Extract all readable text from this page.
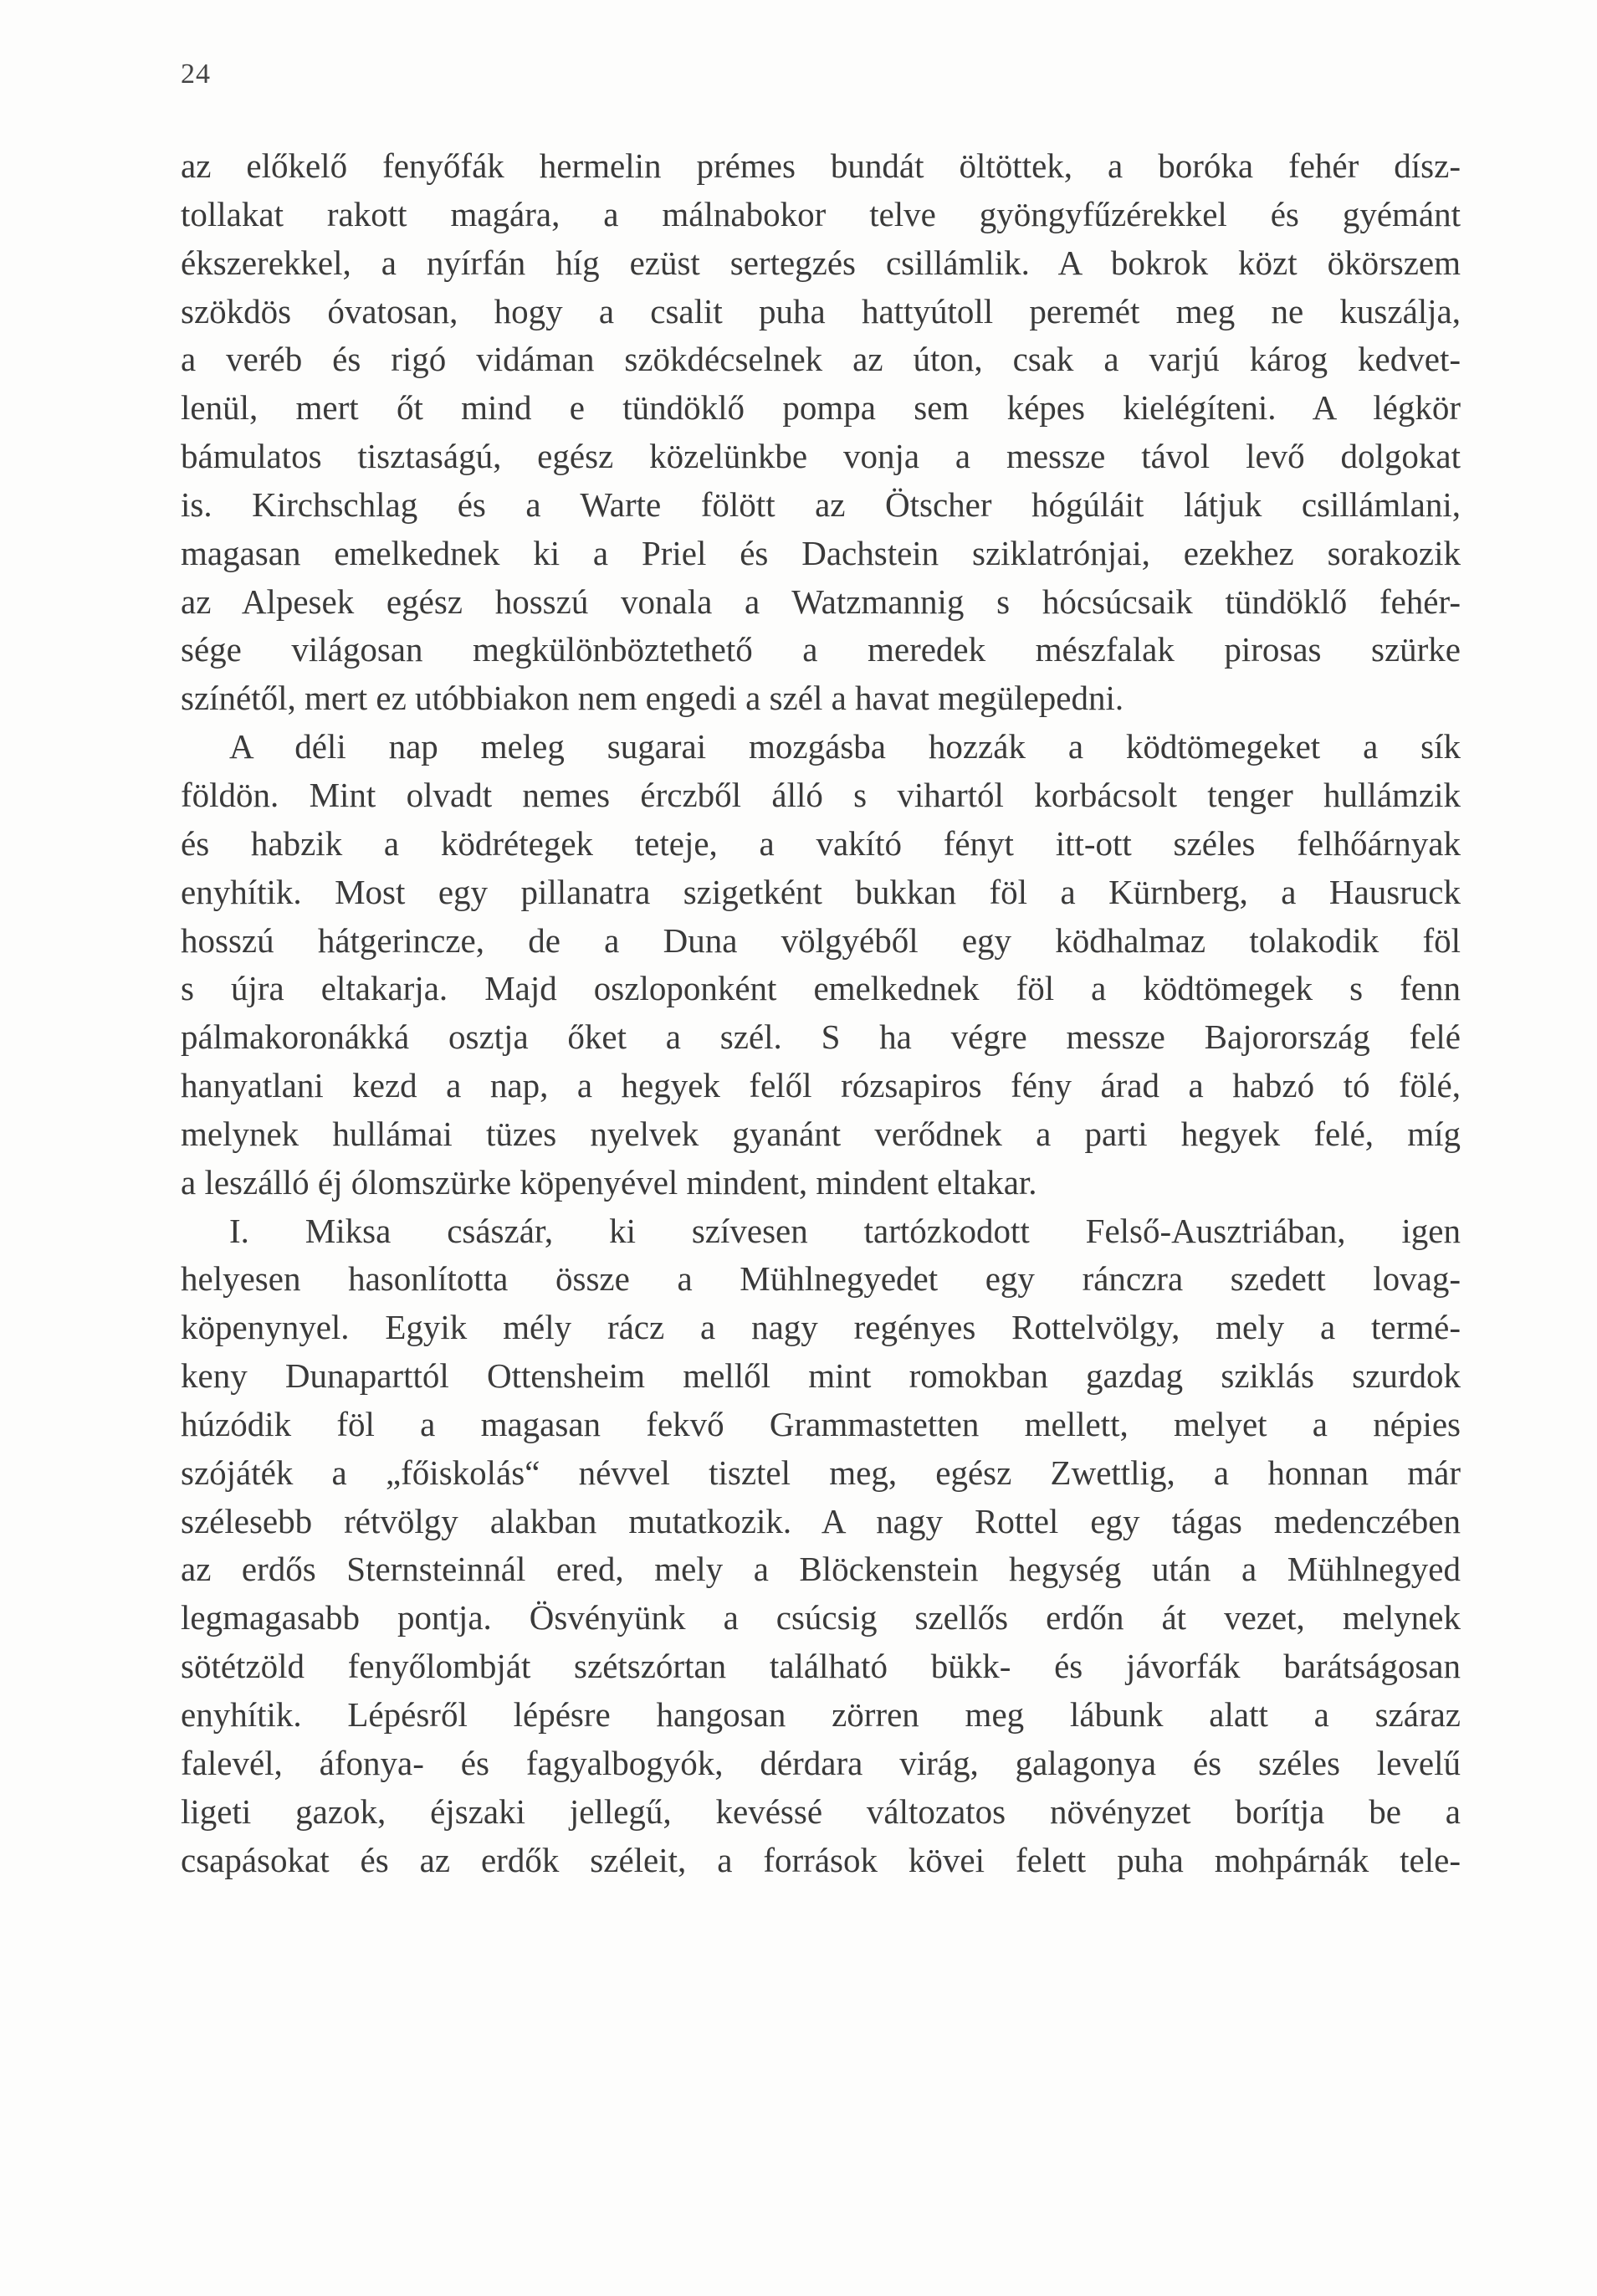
24
az előkelő fenyőfák hermelin prémes bundát öltöttek, a boróka fehér dísz-
tollakat rakott magára, a málnabokor telve gyöngyfűzérekkel és gyémánt
ékszerekkel, a nyírfán híg ezüst sertegzés csillámlik. A bokrok közt ökörszem
szökdös óvatosan, hogy a csalit puha hattyútoll peremét meg ne kuszálja,
a veréb és rigó vidáman szökdécselnek az úton, csak a varjú károg kedvet-
lenül, mert őt mind e tündöklő pompa sem képes kielégíteni. A légkör
bámulatos tisztaságú, egész közelünkbe vonja a messze távol levő dolgokat
is. Kirchschlag és a Warte fölött az Ötscher hógúláit látjuk csillámlani,
magasan emelkednek ki a Priel és Dachstein sziklatrónjai, ezekhez sorakozik
az Alpesek egész hosszú vonala a Watzmannig s hócsúcsaik tündöklő fehér-
sége világosan megkülönböztethető a meredek mészfalak pirosas szürke
színétől, mert ez utóbbiakon nem engedi a szél a havat megülepedni.
A déli nap meleg sugarai mozgásba hozzák a ködtömegeket a sík
földön. Mint olvadt nemes érczből álló s vihartól korbácsolt tenger hullámzik
és habzik a ködrétegek teteje, a vakító fényt itt-ott széles felhőárnyak
enyhítik. Most egy pillanatra szigetként bukkan föl a Kürnberg, a Hausruck
hosszú hátgerincze, de a Duna völgyéből egy ködhalmaz tolakodik föl
s újra eltakarja. Majd oszloponként emelkednek föl a ködtömegek s fenn
pálmakoronákká osztja őket a szél. S ha végre messze Bajorország felé
hanyatlani kezd a nap, a hegyek felől rózsapiros fény árad a habzó tó fölé,
melynek hullámai tüzes nyelvek gyanánt verődnek a parti hegyek felé, míg
a leszálló éj ólomszürke köpenyével mindent, mindent eltakar.
I. Miksa császár, ki szívesen tartózkodott Felső-Ausztriában, igen
helyesen hasonlította össze a Mühlnegyedet egy ránczra szedett lovag-
köpenynyel. Egyik mély rácz a nagy regényes Rottelvölgy, mely a termé-
keny Dunaparttól Ottensheim mellől mint romokban gazdag sziklás szurdok
húzódik föl a magasan fekvő Grammastetten mellett, melyet a népies
szójáték a „főiskolás“ névvel tisztel meg, egész Zwettlig, a honnan már
szélesebb rétvölgy alakban mutatkozik. A nagy Rottel egy tágas medenczében
az erdős Sternsteinnál ered, mely a Blöckenstein hegység után a Mühlnegyed
legmagasabb pontja. Ösvényünk a csúcsig szellős erdőn át vezet, melynek
sötétzöld fenyőlombját szétszórtan található bükk- és jávorfák barátságosan
enyhítik. Lépésről lépésre hangosan zörren meg lábunk alatt a száraz
falevél, áfonya- és fagyalbogyók, dérdara virág, galagonya és széles levelű
ligeti gazok, éjszaki jellegű, kevéssé változatos növényzet borítja be a
csapásokat és az erdők széleit, a források kövei felett puha mohpárnák tele-
